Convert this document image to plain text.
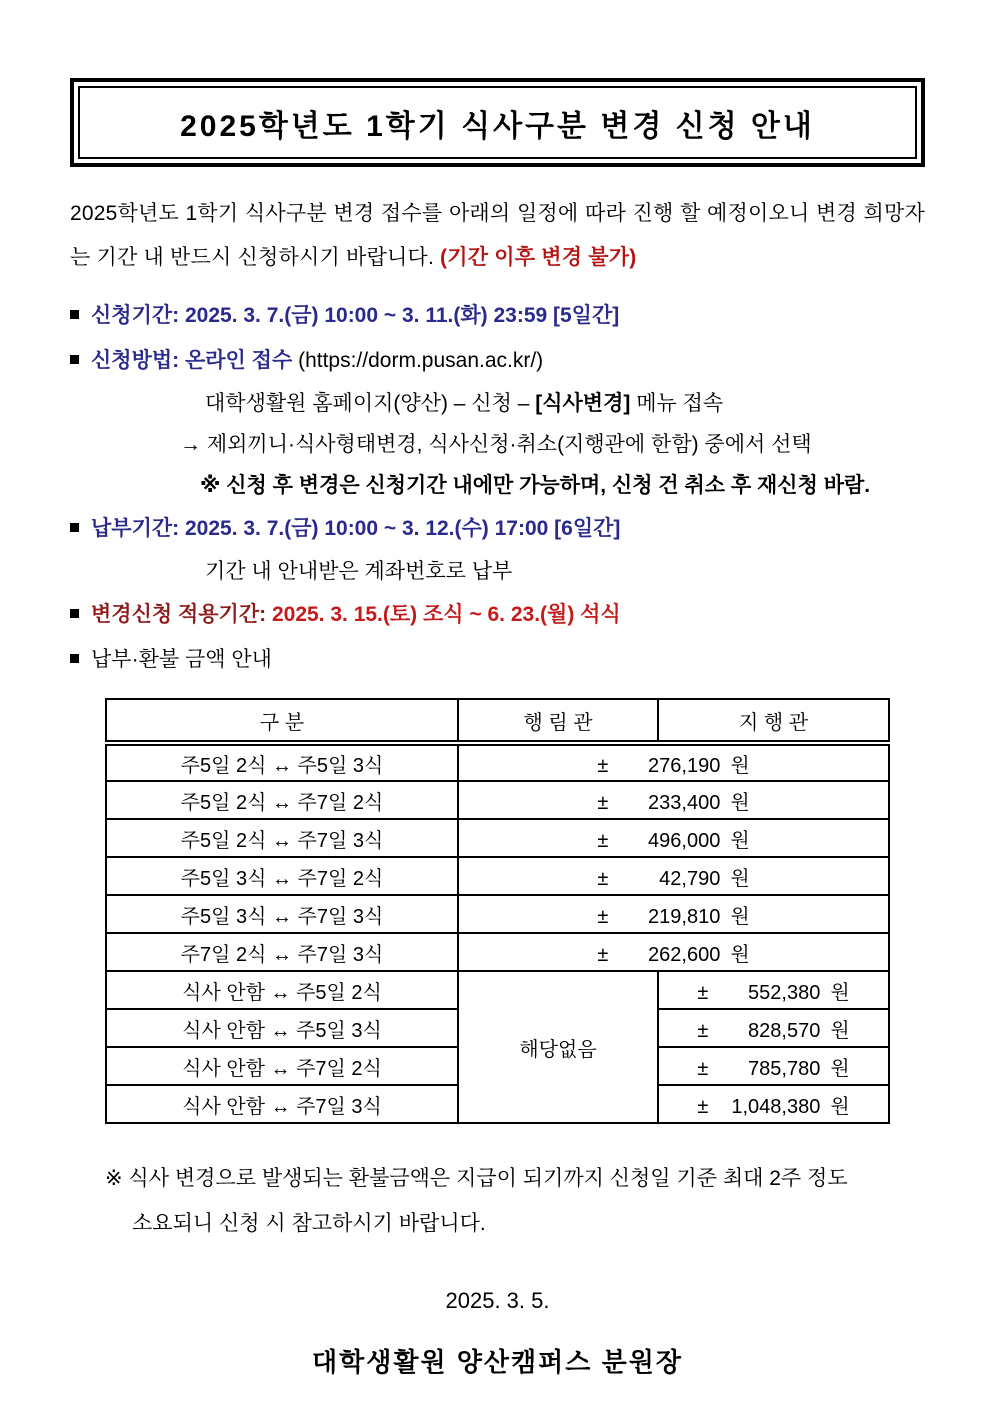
2025학년도 1학기 식사구분 변경 신청 안내

2025학년도 1학기 식사구분 변경 접수를 아래의 일정에 따라 진행 할 예정이오니 변경 희망자는 기간 내 반드시 신청하시기 바랍니다. (기간 이후 변경 불가)

신청기간: 2025. 3. 7.(금) 10:00 ~ 3. 11.(화) 23:59 [5일간]
신청방법: 온라인 접수 (https://dorm.pusan.ac.kr/)
대학생활원 홈페이지(양산) – 신청 – [식사변경] 메뉴 접속
→ 제외끼니·식사형태변경, 식사신청·취소(지행관에 한함) 중에서 선택
※ 신청 후 변경은 신청기간 내에만 가능하며, 신청 건 취소 후 재신청 바람.
납부기간: 2025. 3. 7.(금) 10:00 ~ 3. 12.(수) 17:00 [6일간]
기간 내 안내받은 계좌번호로 납부
변경신청 적용기간: 2025. 3. 15.(토) 조식 ~ 6. 23.(월) 석식
납부·환불 금액 안내
구 분	행 림 관	지 행 관
주5일 2식 ↔ 주5일 3식	± 276,190 원	

주5일 2식 ↔ 주7일 2식	± 233,400 원	

주5일 2식 ↔ 주7일 3식	± 496,000 원	

주5일 3식 ↔ 주7일 2식	± 42,790 원	

주5일 3식 ↔ 주7일 3식	± 219,810 원	

주7일 2식 ↔ 주7일 3식	± 262,600 원	

식사 안함 ↔ 주5일 2식	해당없음	± 552,380 원

식사 안함 ↔ 주5일 3식		± 828,570 원

식사 안함 ↔ 주7일 2식		± 785,780 원

식사 안함 ↔ 주7일 3식		± 1,048,380 원
※ 식사 변경으로 발생되는 환불금액은 지급이 되기까지 신청일 기준 최대 2주 정도
소요되니 신청 시 참고하시기 바랍니다.
2025. 3. 5.
대학생활원 양산캠퍼스 분원장
